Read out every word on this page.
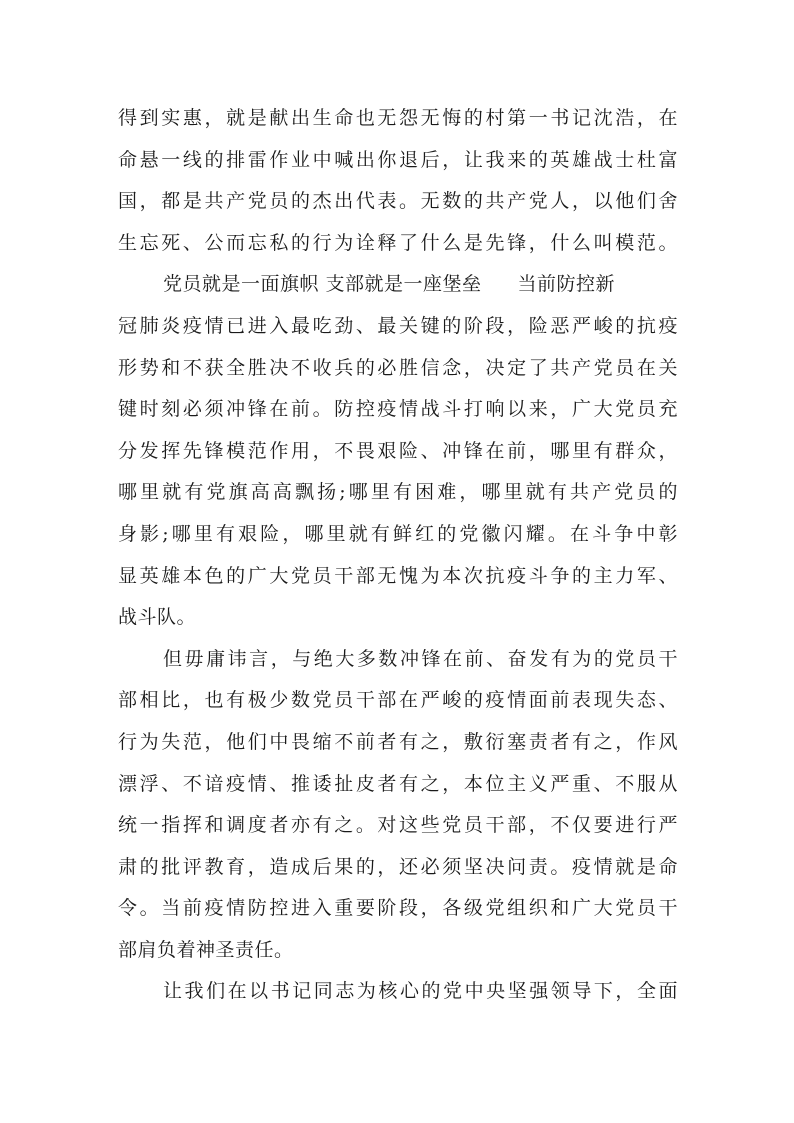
得到实惠，就是献出生命也无怨无悔的村第一书记沈浩，在
命悬一线的排雷作业中喊出你退后，让我来的英雄战士杜富
国，都是共产党员的杰出代表。无数的共产党人，以他们舍
生忘死、公而忘私的行为诠释了什么是先锋，什么叫模范。
党员就是一面旗帜 支部就是一座堡垒 当前防控新
冠肺炎疫情已进入最吃劲、最关键的阶段，险恶严峻的抗疫
形势和不获全胜决不收兵的必胜信念，决定了共产党员在关
键时刻必须冲锋在前。防控疫情战斗打响以来，广大党员充
分发挥先锋模范作用，不畏艰险、冲锋在前，哪里有群众，
哪里就有党旗高高飘扬;哪里有困难，哪里就有共产党员的
身影;哪里有艰险，哪里就有鲜红的党徽闪耀。在斗争中彰
显英雄本色的广大党员干部无愧为本次抗疫斗争的主力军、
战斗队。
但毋庸讳言，与绝大多数冲锋在前、奋发有为的党员干
部相比，也有极少数党员干部在严峻的疫情面前表现失态、
行为失范，他们中畏缩不前者有之，敷衍塞责者有之，作风
漂浮、不谙疫情、推诿扯皮者有之，本位主义严重、不服从
统一指挥和调度者亦有之。对这些党员干部，不仅要进行严
肃的批评教育，造成后果的，还必须坚决问责。疫情就是命
令。当前疫情防控进入重要阶段，各级党组织和广大党员干
部肩负着神圣责任。
让我们在以书记同志为核心的党中央坚强领导下，全面
